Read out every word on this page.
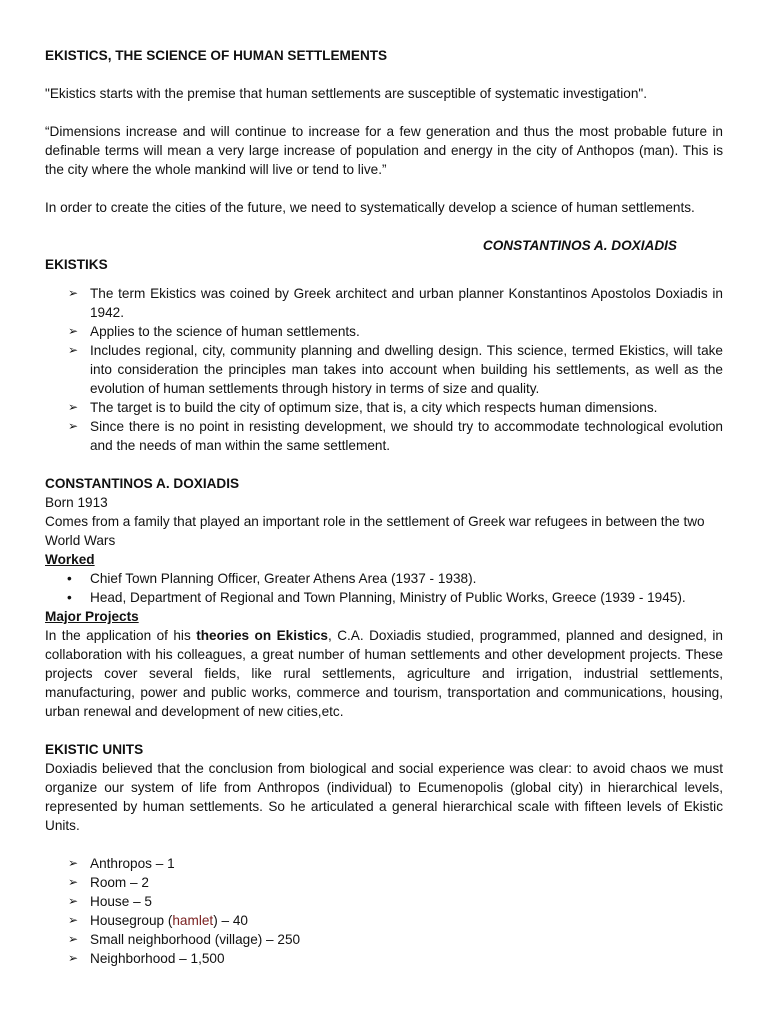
EKISTICS, THE SCIENCE OF HUMAN SETTLEMENTS

"Ekistics starts with the premise that human settlements are susceptible of systematic investigation".

“Dimensions increase and will continue to increase for a few generation and thus the most probable future in definable terms will mean a very large increase of population and energy in the city of Anthopos (man). This is the city where the whole mankind will live or tend to live.”

In order to create the cities of the future, we need to systematically develop a science of human settlements.

CONSTANTINOS A. DOXIADIS

EKISTIKS

➢ The term Ekistics was coined by Greek architect and urban planner Konstantinos Apostolos Doxiadis in 1942.
➢ Applies to the science of human settlements.
➢ Includes regional, city, community planning and dwelling design. This science, termed Ekistics, will take into consideration the principles man takes into account when building his settlements, as well as the evolution of human settlements through history in terms of size and quality.
➢ The target is to build the city of optimum size, that is, a city which respects human dimensions.
➢ Since there is no point in resisting development, we should try to accommodate technological evolution and the needs of man within the same settlement.

CONSTANTINOS A. DOXIADIS

Born 1913

Comes from a family that played an important role in the settlement of Greek war refugees in between the two World Wars

Worked

• Chief Town Planning Officer, Greater Athens Area (1937 - 1938).
• Head, Department of Regional and Town Planning, Ministry of Public Works, Greece (1939 - 1945).

Major Projects

In the application of his theories on Ekistics, C.A. Doxiadis studied, programmed, planned and designed, in collaboration with his colleagues, a great number of human settlements and other development projects. These projects cover several fields, like rural settlements, agriculture and irrigation, industrial settlements, manufacturing, power and public works, commerce and tourism, transportation and communications, housing, urban renewal and development of new cities,etc.

EKISTIC UNITS

Doxiadis believed that the conclusion from biological and social experience was clear: to avoid chaos we must organize our system of life from Anthropos (individual) to Ecumenopolis (global city) in hierarchical levels, represented by human settlements. So he articulated a general hierarchical scale with fifteen levels of Ekistic Units.

➢ Anthropos – 1
➢ Room – 2
➢ House – 5
➢ Housegroup (hamlet) – 40
➢ Small neighborhood (village) – 250
➢ Neighborhood – 1,500
